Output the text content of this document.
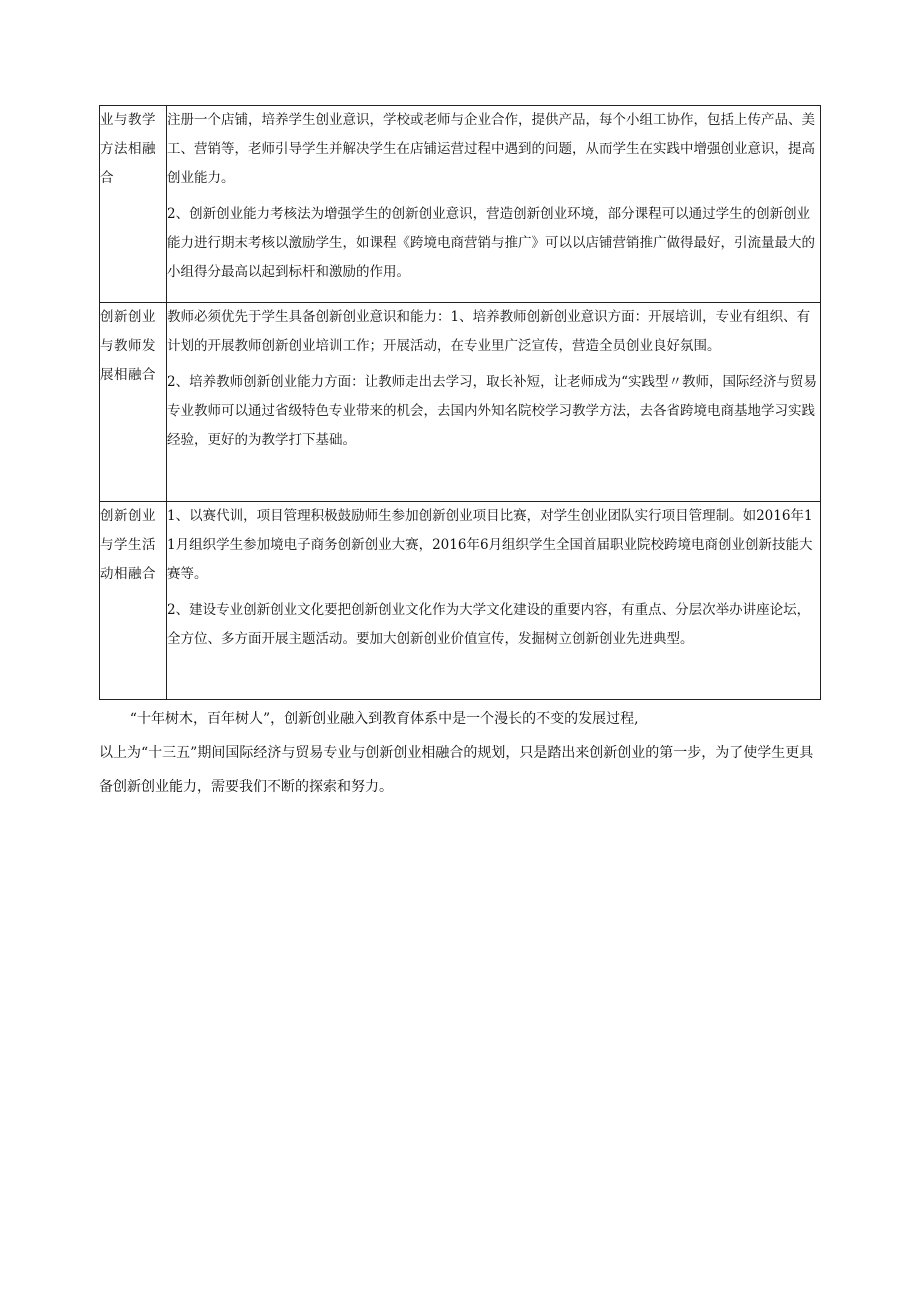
业与教学方法相融合	注册一个店铺，培养学生创业意识，学校或老师与企业合作，提供产品，每个小组工协作，包括上传产品、美工、营销等，老师引导学生并解决学生在店铺运营过程中遇到的问题，从而学生在实践中增强创业意识，提高创业能力。

2、创新创业能力考核法为增强学生的创新创业意识，营造创新创业环境，部分课程可以通过学生的创新创业能力进行期末考核以激励学生，如课程《跨境电商营销与推广》可以以店铺营销推广做得最好，引流量最大的小组得分最高以起到标杆和激励的作用。

创新创业与教师发展相融合	教师必须优先于学生具备创新创业意识和能力：1、培养教师创新创业意识方面：开展培训，专业有组织、有计划的开展教师创新创业培训工作；开展活动，在专业里广泛宣传，营造全员创业良好氛围。

2、培养教师创新创业能力方面：让教师走出去学习，取长补短，让老师成为“实践型〃教师，国际经济与贸易专业教师可以通过省级特色专业带来的机会，去国内外知名院校学习教学方法，去各省跨境电商基地学习实践经验，更好的为教学打下基础。

创新创业与学生活动相融合	1、以赛代训，项目管理积极鼓励师生参加创新创业项目比赛，对学生创业团队实行项目管理制。如2016年11月组织学生参加境电子商务创新创业大赛，2016年6月组织学生全国首届职业院校跨境电商创业创新技能大赛等。

2、建设专业创新创业文化要把创新创业文化作为大学文化建设的重要内容，有重点、分层次举办讲座论坛，全方位、多方面开展主题活动。要加大创新创业价值宣传，发掘树立创新创业先进典型。

“十年树木，百年树人”，创新创业融入到教育体系中是一个漫长的不变的发展过程,

以上为“十三五”期间国际经济与贸易专业与创新创业相融合的规划，只是踏出来创新创业的第一步，为了使学生更具备创新创业能力，需要我们不断的探索和努力。
